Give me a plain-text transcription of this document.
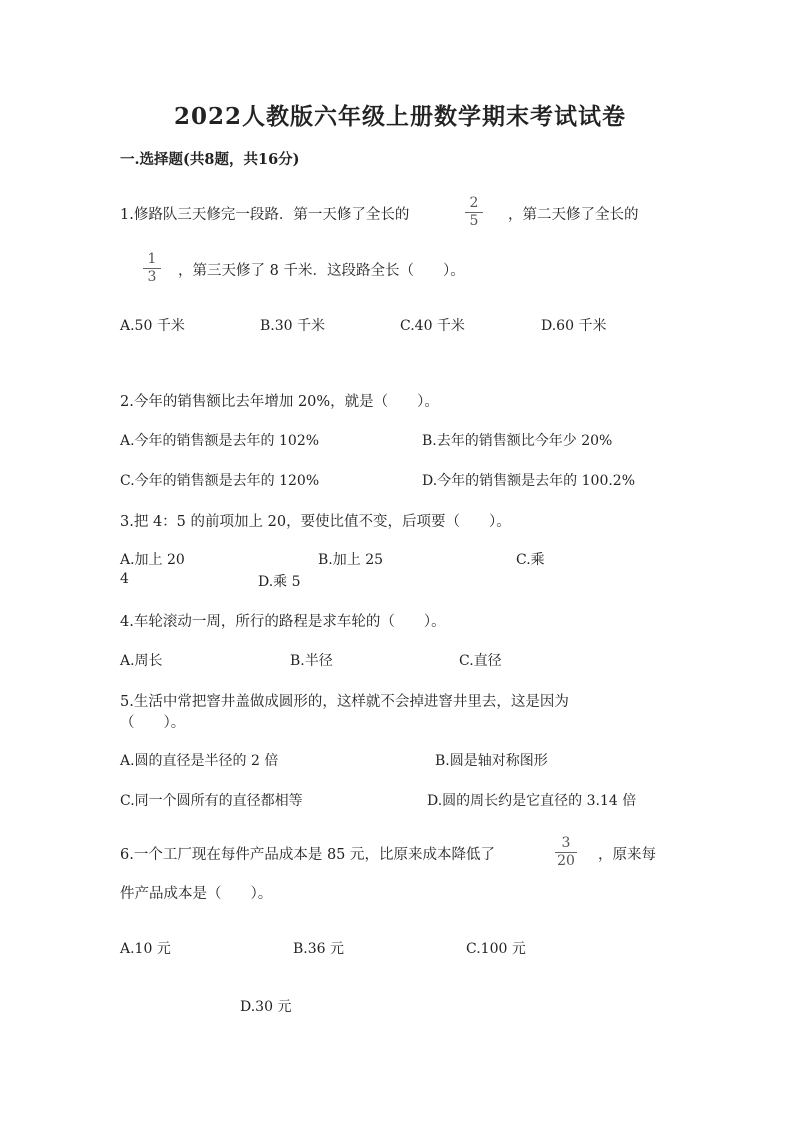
2022人教版六年级上册数学期末考试试卷
一.选择题(共8题，共16分)
1.修路队三天修完一段路．第一天修了全长的
2
5	，第二天修了全长的
1
3	，第三天修了 8 千米．这段路全长（　　）。
A.50 千米	B.30 千米	C.40 千米	D.60 千米
2.今年的销售额比去年增加 20%，就是（　　）。
A.今年的销售额是去年的 102%	B.去年的销售额比今年少 20%
C.今年的销售额是去年的 120%	D.今年的销售额是去年的 100.2%
3.把 4：5 的前项加上 20，要使比值不变，后项要（　　）。
A.加上 20	B.加上 25	C.乘
4	D.乘 5
4.车轮滚动一周，所行的路程是求车轮的（　　）。
A.周长	B.半径	C.直径
5.生活中常把窨井盖做成圆形的，这样就不会掉进窨井里去，这是因为
（　　）。
A.圆的直径是半径的 2 倍	B.圆是轴对称图形
C.同一个圆所有的直径都相等	D.圆的周长约是它直径的 3.14 倍
6.一个工厂现在每件产品成本是 85 元，比原来成本降低了
3
20	，原来每
件产品成本是（　　）。
A.10 元	B.36 元	C.100 元
D.30 元
